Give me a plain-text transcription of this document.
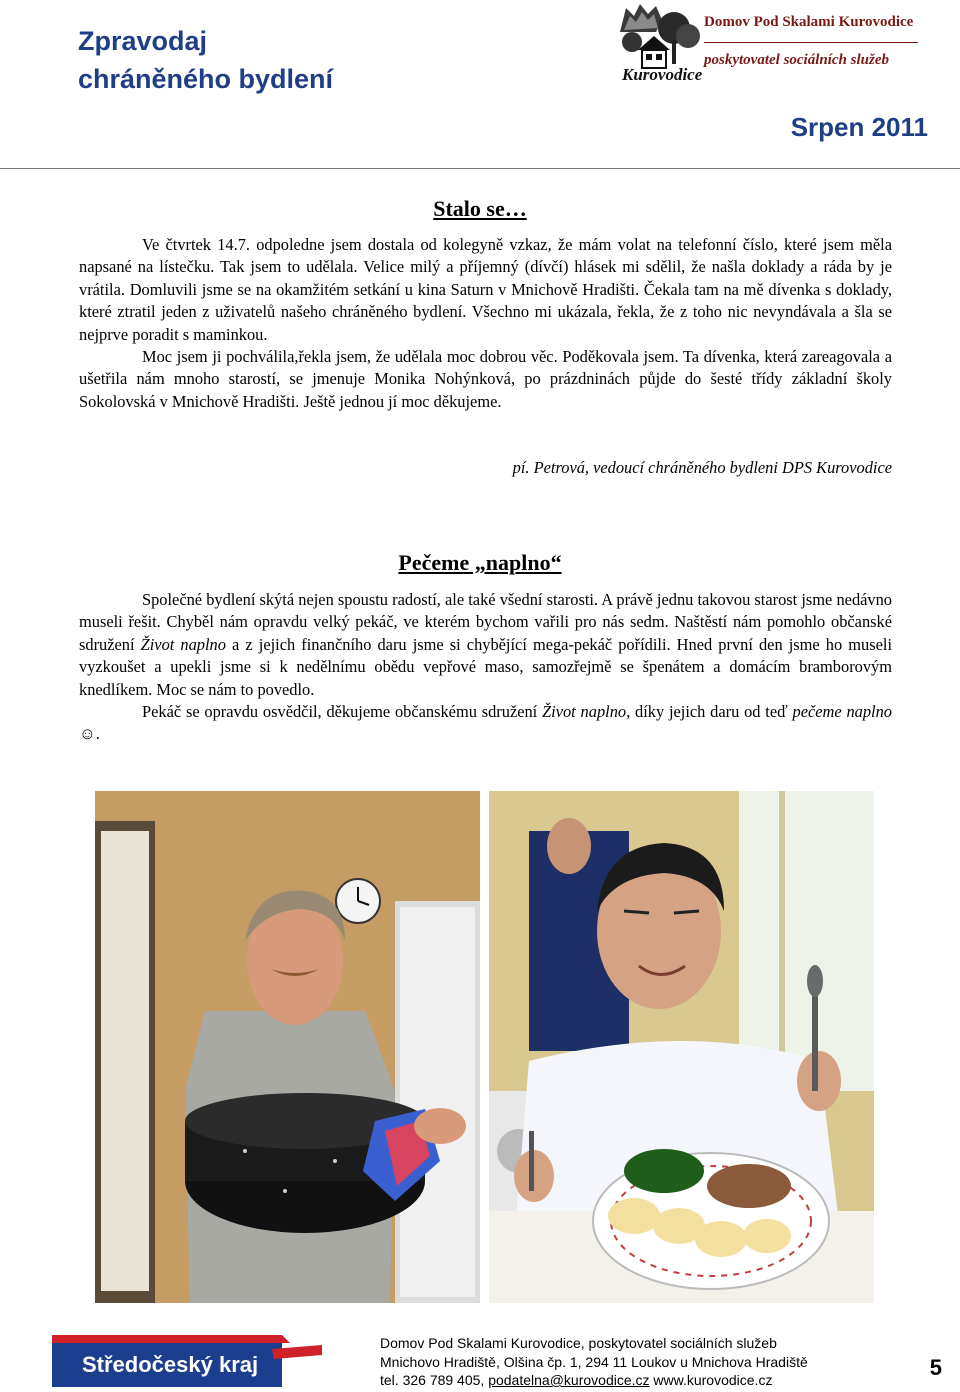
Zpravodaj
chráněného bydlení	Kurovodice
Domov Pod Skalami Kurovodice
poskytovatel sociálních služeb
Srpen 2011
Stalo se…

Ve čtvrtek 14.7. odpoledne jsem dostala od kolegyně vzkaz, že mám volat na telefonní číslo, které jsem měla napsané na lístečku. Tak jsem to udělala. Velice milý a příjemný (dívčí) hlásek mi sdělil, že našla doklady a ráda by je vrátila. Domluvili jsme se na okamžitém setkání u kina Saturn v Mnichově Hradišti. Čekala tam na mě dívenka s doklady, které ztratil jeden z uživatelů našeho chráněného bydlení. Všechno mi ukázala, řekla, že z toho nic nevyndávala a šla se nejprve poradit s maminkou.

Moc jsem ji pochválila,řekla jsem, že udělala moc dobrou věc. Poděkovala jsem. Ta dívenka, která zareagovala a ušetřila nám mnoho starostí, se jmenuje Monika Nohýnková, po prázdninách půjde do šesté třídy základní školy Sokolovská v Mnichově Hradišti. Ještě jednou jí moc děkujeme.

pí. Petrová, vedoucí chráněného bydleni DPS Kurovodice
Pečeme „naplno“

Společné bydlení skýtá nejen spoustu radostí, ale také všední starosti. A právě jednu takovou starost jsme nedávno museli řešit. Chyběl nám opravdu velký pekáč, ve kterém bychom vařili pro nás sedm. Naštěstí nám pomohlo občanské sdružení Život naplno a z jejich finančního daru jsme si chybějící mega-pekáč pořídili. Hned první den jsme ho museli vyzkoušet a upekli jsme si k nedělnímu obědu vepřové maso, samozřejmě se špenátem a domácím bramborovým knedlíkem. Moc se nám to povedlo.

Pekáč se opravdu osvědčil, děkujeme občanskému sdružení Život naplno, díky jejich daru od teď pečeme naplno☺.

Středočeský kraj
Domov Pod Skalami Kurovodice, poskytovatel sociálních služeb
Mnichovo Hradiště, Olšina čp. 1, 294 11 Loukov u Mnichova Hradiště
tel. 326 789 405, podatelna@kurovodice.cz www.kurovodice.cz	5
